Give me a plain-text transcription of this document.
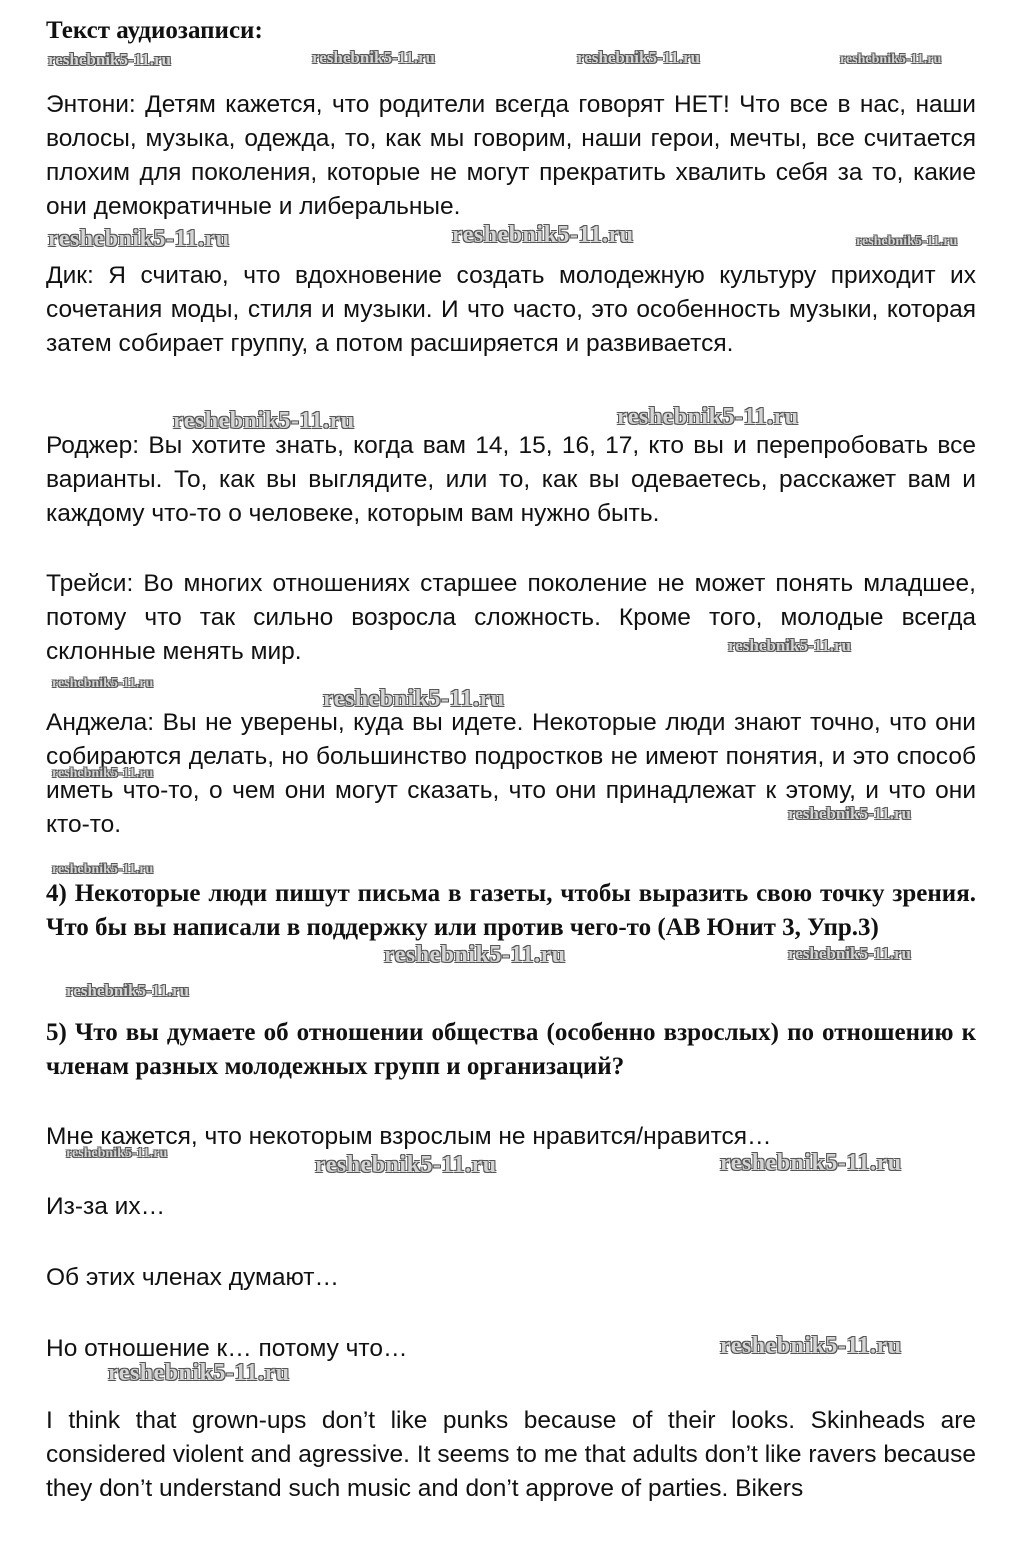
Текст аудиозаписи:

Энтони: Детям кажется, что родители всегда говорят НЕТ! Что все в нас, наши волосы, музыка, одежда, то, как мы говорим, наши герои, мечты, все считается плохим для поколения, которые не могут прекратить хвалить себя за то, какие они демократичные и либеральные.

Дик: Я считаю, что вдохновение создать молодежную культуру приходит их сочетания моды, стиля и музыки. И что часто, это особенность музыки, которая затем собирает группу, а потом расширяется и развивается.

Роджер: Вы хотите знать, когда вам 14, 15, 16, 17, кто вы и перепробовать все варианты. То, как вы выглядите, или то, как вы одеваетесь, расскажет вам и каждому что-то о человеке, которым вам нужно быть.

Трейси: Во многих отношениях старшее поколение не может понять младшее, потому что так сильно возросла сложность. Кроме того, молодые всегда склонные менять мир.

Анджела: Вы не уверены, куда вы идете. Некоторые люди знают точно, что они собираются делать, но большинство подростков не имеют понятия, и это способ иметь что-то, о чем они могут сказать, что они принадлежат к этому, и что они кто-то.

4) Некоторые люди пишут письма в газеты, чтобы выразить свою точку зрения. Что бы вы написали в поддержку или против чего-то (AB Юнит 3, Упр.3)

5) Что вы думаете об отношении общества (особенно взрослых) по отношению к членам разных молодежных групп и организаций?

Мне кажется, что некоторым взрослым не нравится/нравится…

Из-за их…

Об этих членах думают…

Но отношение к… потому что…

I think that grown-ups don’t like punks because of their looks. Skinheads are considered violent and agressive. It seems to me that adults don’t like ravers because they don’t understand such music and don’t approve of parties. Bikers

reshebnik5-11.ru	reshebnik5-11.ru	reshebnik5-11.ru	reshebnik5-11.ru
reshebnik5-11.ru	reshebnik5-11.ru	reshebnik5-11.ru
reshebnik5-11.ru	reshebnik5-11.ru
reshebnik5-11.ru
reshebnik5-11.ru
reshebnik5-11.ru
reshebnik5-11.ru
reshebnik5-11.ru
reshebnik5-11.ru
reshebnik5-11.ru	reshebnik5-11.ru
reshebnik5-11.ru
reshebnik5-11.ru	reshebnik5-11.ru	reshebnik5-11.ru
reshebnik5-11.ru
reshebnik5-11.ru
